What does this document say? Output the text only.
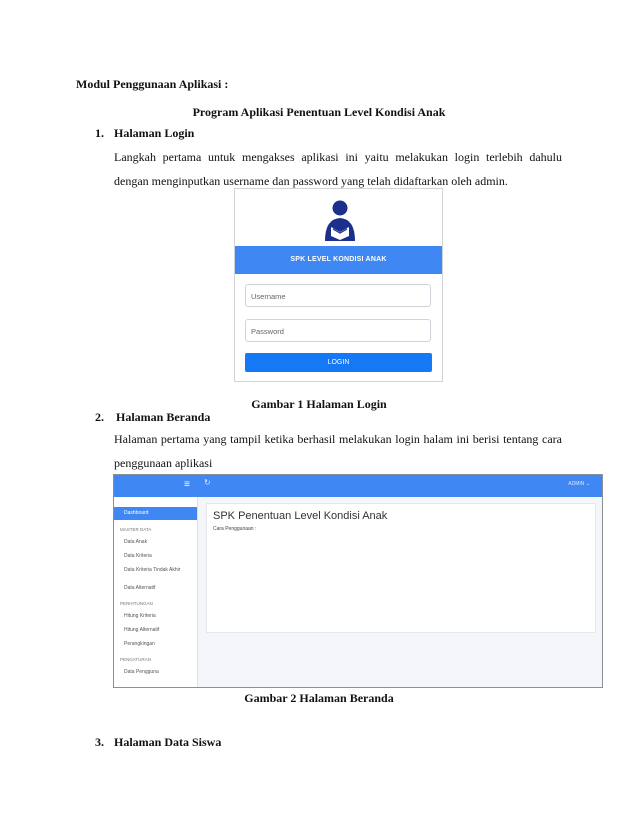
Modul Penggunaan Aplikasi :
Program Aplikasi Penentuan Level Kondisi Anak
1. Halaman Login
Langkah pertama untuk mengakses aplikasi ini yaitu melakukan login terlebih dahulu dengan menginputkan username dan password yang telah didaftarkan oleh admin.
SPK LEVEL KONDISI ANAK
Username
Password
LOGIN
Gambar 1 Halaman Login
2. Halaman Beranda
Halaman pertama yang tampil ketika berhasil melakukan login halam ini berisi tentang cara penggunaan aplikasi
≡ ↻	ADMIN ⌄
Dashboard
MASTER DATA
Data Anak
Data Kriteria
Data Kriteria Tindak Akhir
Data Alternatif
PERHITUNGAN
Hitung Kriteria
Hitung Alternatif
Perangkingan
PENGATURAN
Data Pengguna
SPK Penentuan Level Kondisi Anak
Cara Penggunaan :
Gambar 2 Halaman Beranda
3. Halaman Data Siswa
